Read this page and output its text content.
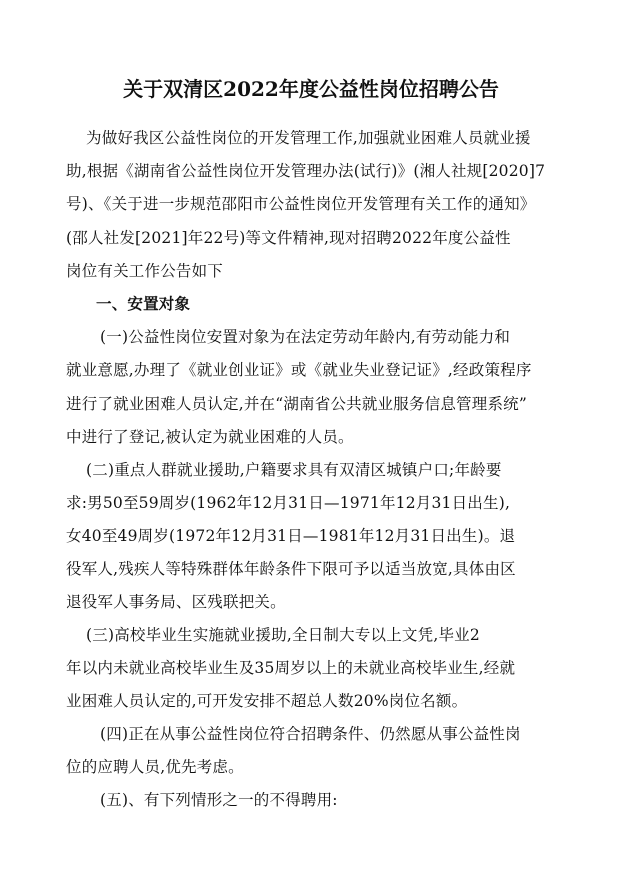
关于双清区2022年度公益性岗位招聘公告
为做好我区公益性岗位的开发管理工作,加强就业困难人员就业援
助,根据《湖南省公益性岗位开发管理办法(试行)》(湘人社规[2020]7
号)、《关于进一步规范邵阳市公益性岗位开发管理有关工作的通知》
(邵人社发[2021]年22号)等文件精神,现对招聘2022年度公益性
岗位有关工作公告如下
一、安置对象
(一)公益性岗位安置对象为在法定劳动年龄内,有劳动能力和
就业意愿,办理了《就业创业证》或《就业失业登记证》,经政策程序
进行了就业困难人员认定,并在“湖南省公共就业服务信息管理系统”
中进行了登记,被认定为就业困难的人员。
(二)重点人群就业援助,户籍要求具有双清区城镇户口;年龄要
求:男50至59周岁(1962年12月31日—1971年12月31日出生),
女40至49周岁(1972年12月31日—1981年12月31日出生)。退
役军人,残疾人等特殊群体年龄条件下限可予以适当放宽,具体由区
退役军人事务局、区残联把关。
(三)高校毕业生实施就业援助,全日制大专以上文凭,毕业2
年以内未就业高校毕业生及35周岁以上的未就业高校毕业生,经就
业困难人员认定的,可开发安排不超总人数20%岗位名额。
(四)正在从事公益性岗位符合招聘条件、仍然愿从事公益性岗
位的应聘人员,优先考虑。
(五)、有下列情形之一的不得聘用:
